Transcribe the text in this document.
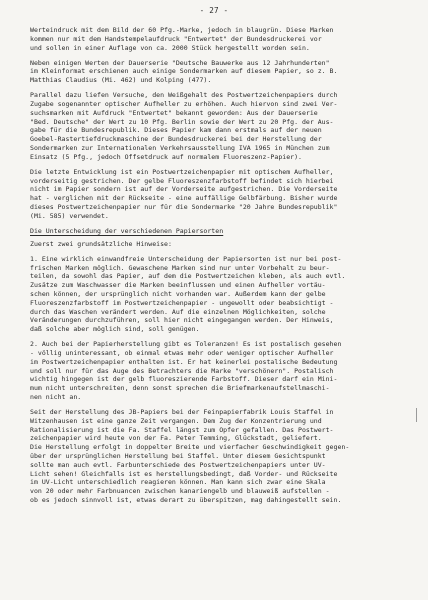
- 27 -
Werteindruck mit dem Bild der 60 Pfg.-Marke, jedoch in blaugrün. Diese Marken
kommen nur mit dem Handstempelaufdruck "Entwertet" der Bundesdruckerei vor
und sollen in einer Auflage von ca. 2000 Stück hergestellt worden sein.
Neben einigen Werten der Dauerserie "Deutsche Bauwerke aus 12 Jahrhunderten"
im Kleinformat erschienen auch einige Sondermarken auf diesem Papier, so z. B.
Matthias Claudius (Mi. 462) und Kolping (477).
Parallel dazu liefen Versuche, den Weißgehalt des Postwertzeichenpapiers durch
Zugabe sogenannter optischer Aufheller zu erhöhen. Auch hiervon sind zwei Ver-
suchsmarken mit Aufdruck "Entwertet" bekannt geworden: Aus der Dauerserie
"Bed. Deutsche" der Wert zu 10 Pfg. Berlin sowie der Wert zu 20 Pfg. der Aus-
gabe für die Bundesrepublik. Dieses Papier kam dann erstmals auf der neuen
Goebel-Rastertiefdruckmaschine der Bundesdruckerei bei der Herstellung der
Sondermarken zur Internationalen Verkehrsausstellung IVA 1965 in München zum
Einsatz (5 Pfg., jedoch Offsetdruck auf normalem Fluoreszenz-Papier).
Die letzte Entwicklung ist ein Postwertzeichenpapier mit optischem Aufheller,
vorderseitig gestrichen. Der gelbe Fluoreszenzfarbstoff befindet sich hierbei
nicht im Papier sondern ist auf der Vorderseite aufgestrichen. Die Vorderseite
hat - verglichen mit der Rückseite - eine auffällige Gelbfärbung. Bisher wurde
dieses Postwertzeichenpapier nur für die Sondermarke "20 Jahre Bundesrepublik"
(Mi. 585) verwendet.
Die Unterscheidung der verschiedenen Papiersorten
Zuerst zwei grundsätzliche Hinweise:
1. Eine wirklich einwandfreie Unterscheidung der Papiersorten ist nur bei post-
frischen Marken möglich. Gewaschene Marken sind nur unter Vorbehalt zu beur-
teilen, da sowohl das Papier, auf dem die Postwertzeichen kleben, als auch evtl.
Zusätze zum Waschwasser die Marken beeinflussen und einen Aufheller vortäu-
schen können, der ursprünglich nicht vorhanden war. Außerdem kann der gelbe
Fluoreszenzfarbstoff im Postwertzeichenpapier - ungewollt oder beabsichtigt -
durch das Waschen verändert werden. Auf die einzelnen Möglichkeiten, solche
Veränderungen durchzuführen, soll hier nicht eingegangen werden. Der Hinweis,
daß solche aber möglich sind, soll genügen.
2. Auch bei der Papierherstellung gibt es Toleranzen! Es ist postalisch gesehen
- völlig uninteressant, ob einmal etwas mehr oder weniger optischer Aufheller
im Postwertzeichenpapier enthalten ist. Er hat keinerlei postalische Bedeutung
und soll nur für das Auge des Betrachters die Marke "verschönern". Postalisch
wichtig hingegen ist der gelb fluoreszierende Farbstoff. Dieser darf ein Mini-
mum nicht unterschreiten, denn sonst sprechen die Briefmarkenaufstellmaschi-
nen nicht an.
Seit der Herstellung des JB-Papiers bei der Feinpapierfabrik Louis Staffel in
Witzenhausen ist eine ganze Zeit vergangen. Dem Zug der Konzentrierung und
Rationalisierung ist die Fa. Staffel längst zum Opfer gefallen. Das Postwert-
zeichenpapier wird heute von der Fa. Peter Temming, Glückstadt, geliefert.
Die Herstellung erfolgt in doppelter Breite und vierfacher Geschwindigkeit gegen-
über der ursprünglichen Herstellung bei Staffel. Unter diesem Gesichtspunkt
sollte man auch evtl. Farbunterschiede des Postwertzeichenpapiers unter UV-
Licht sehen! Gleichfalls ist es herstellungsbedingt, daß Vorder- und Rückseite
im UV-Licht unterschiedlich reagieren können. Man kann sich zwar eine Skala
von 20 oder mehr Farbnuancen zwischen kanariengelb und blauweiß aufstellen -
ob es jedoch sinnvoll ist, etwas derart zu überspitzen, mag dahingestellt sein.
